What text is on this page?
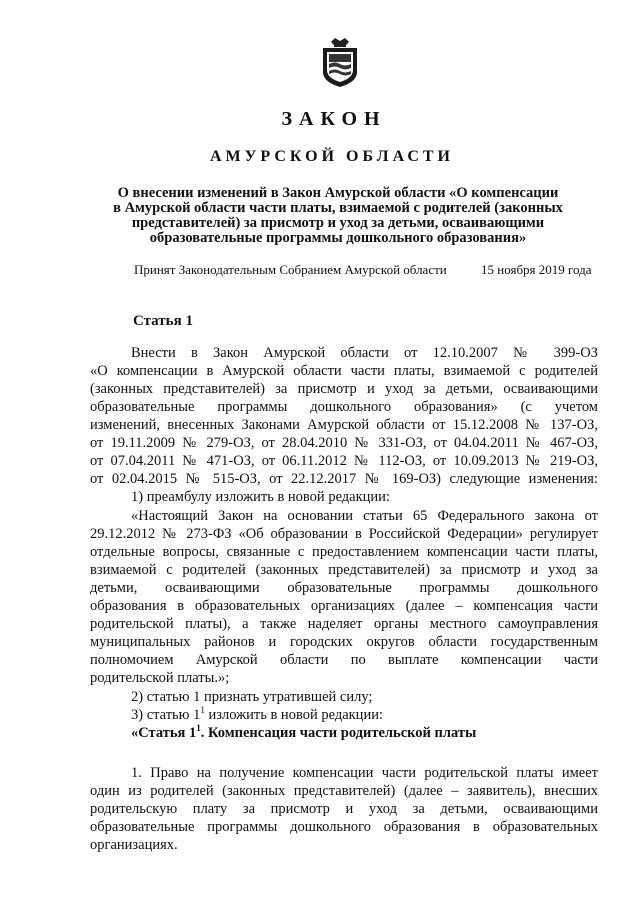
ЗАКОН
АМУРСКОЙ ОБЛАСТИ
О внесении изменений в Закон Амурской области «О компенсации
в Амурской области части платы, взимаемой с родителей (законных
представителей) за присмотр и уход за детьми, осваивающими
образовательные программы дошкольного образования»
Принят Законодательным Собранием Амурской области	15 ноября 2019 года
Статья 1
Внести в Закон Амурской области от 12.10.2007 № 399-ОЗ
«О компенсации в Амурской области части платы, взимаемой с родителей
(законных представителей) за присмотр и уход за детьми, осваивающими
образовательные программы дошкольного образования» (с учетом
изменений, внесенных Законами Амурской области от 15.12.2008 № 137-ОЗ,
от 19.11.2009 № 279-ОЗ, от 28.04.2010 № 331-ОЗ, от 04.04.2011 № 467-ОЗ,
от 07.04.2011 № 471-ОЗ, от 06.11.2012 № 112-ОЗ, от 10.09.2013 № 219-ОЗ,
от 02.04.2015 № 515-ОЗ, от 22.12.2017 № 169-ОЗ) следующие изменения:
1) преамбулу изложить в новой редакции:
«Настоящий Закон на основании статьи 65 Федерального закона от
29.12.2012 № 273-ФЗ «Об образовании в Российской Федерации» регулирует
отдельные вопросы, связанные с предоставлением компенсации части платы,
взимаемой с родителей (законных представителей) за присмотр и уход за
детьми, осваивающими образовательные программы дошкольного
образования в образовательных организациях (далее – компенсация части
родительской платы), а также наделяет органы местного самоуправления
муниципальных районов и городских округов области государственным
полномочием Амурской области по выплате компенсации части
родительской платы.»;
2) статью 1 признать утратившей силу;
3) статью $1^1$ изложить в новой редакции:
«Статья $1^1$. Компенсация части родительской платы
1. Право на получение компенсации части родительской платы имеет
один из родителей (законных представителей) (далее – заявитель), внесших
родительскую плату за присмотр и уход за детьми, осваивающими
образовательные программы дошкольного образования в образовательных
организациях.
